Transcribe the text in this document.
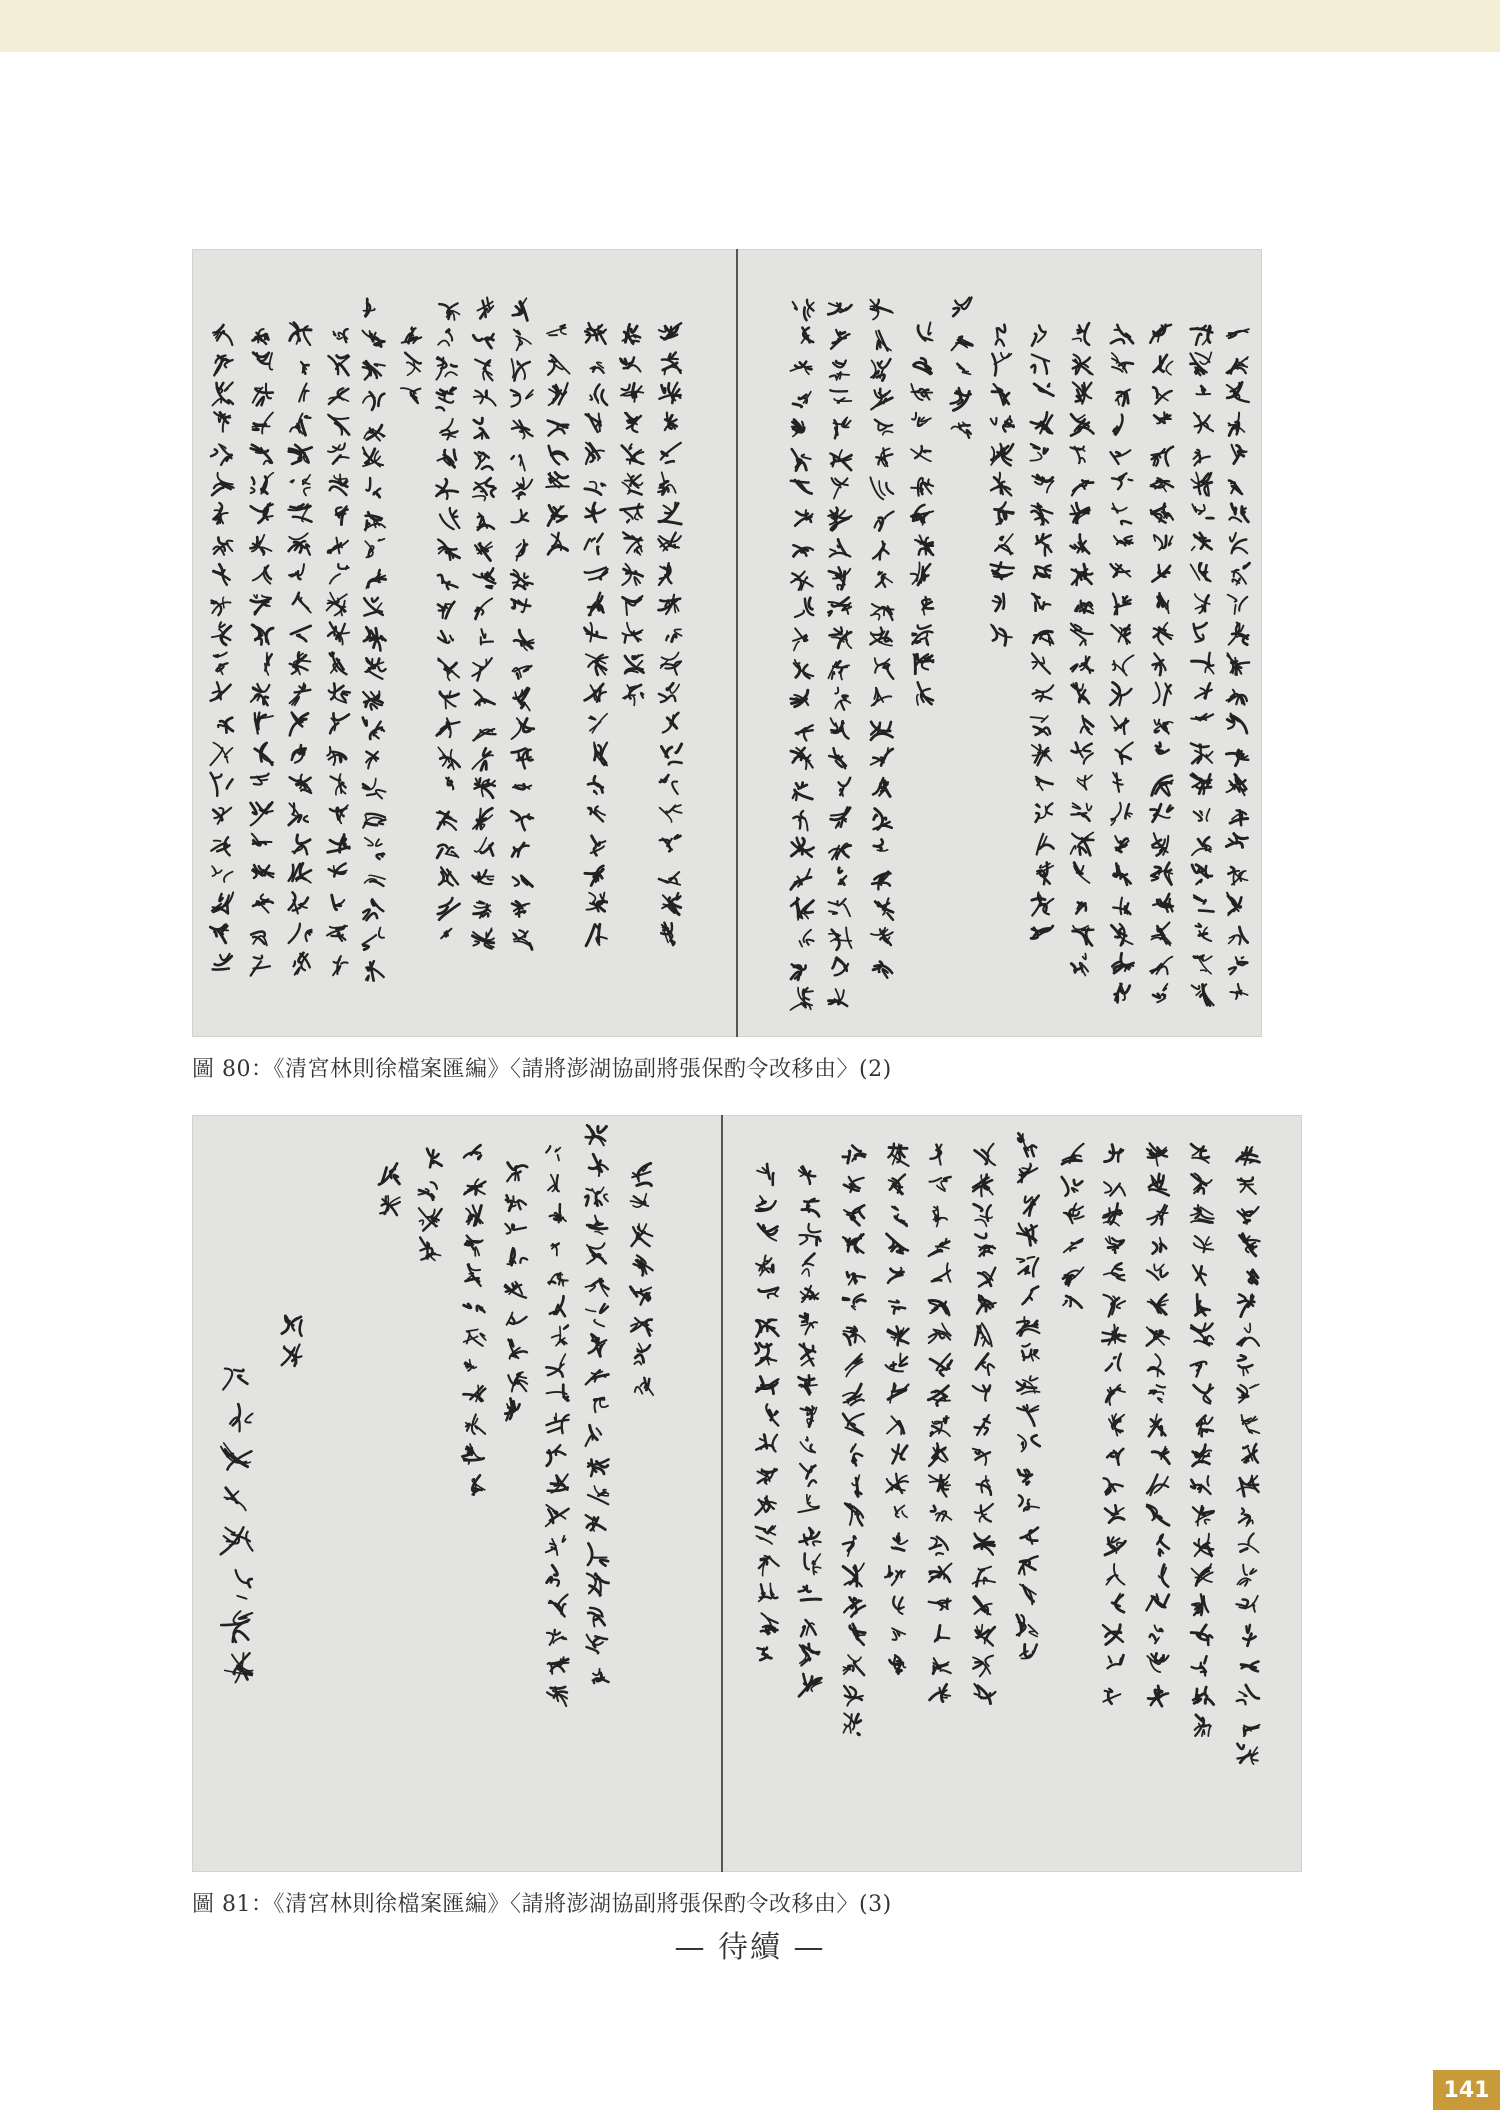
圖 80：《清宮林則徐檔案匯編》〈請將澎湖協副將張保酌令改移由〉(2)
圖 81：《清宮林則徐檔案匯編》〈請將澎湖協副將張保酌令改移由〉(3)
— 待續 —
141
